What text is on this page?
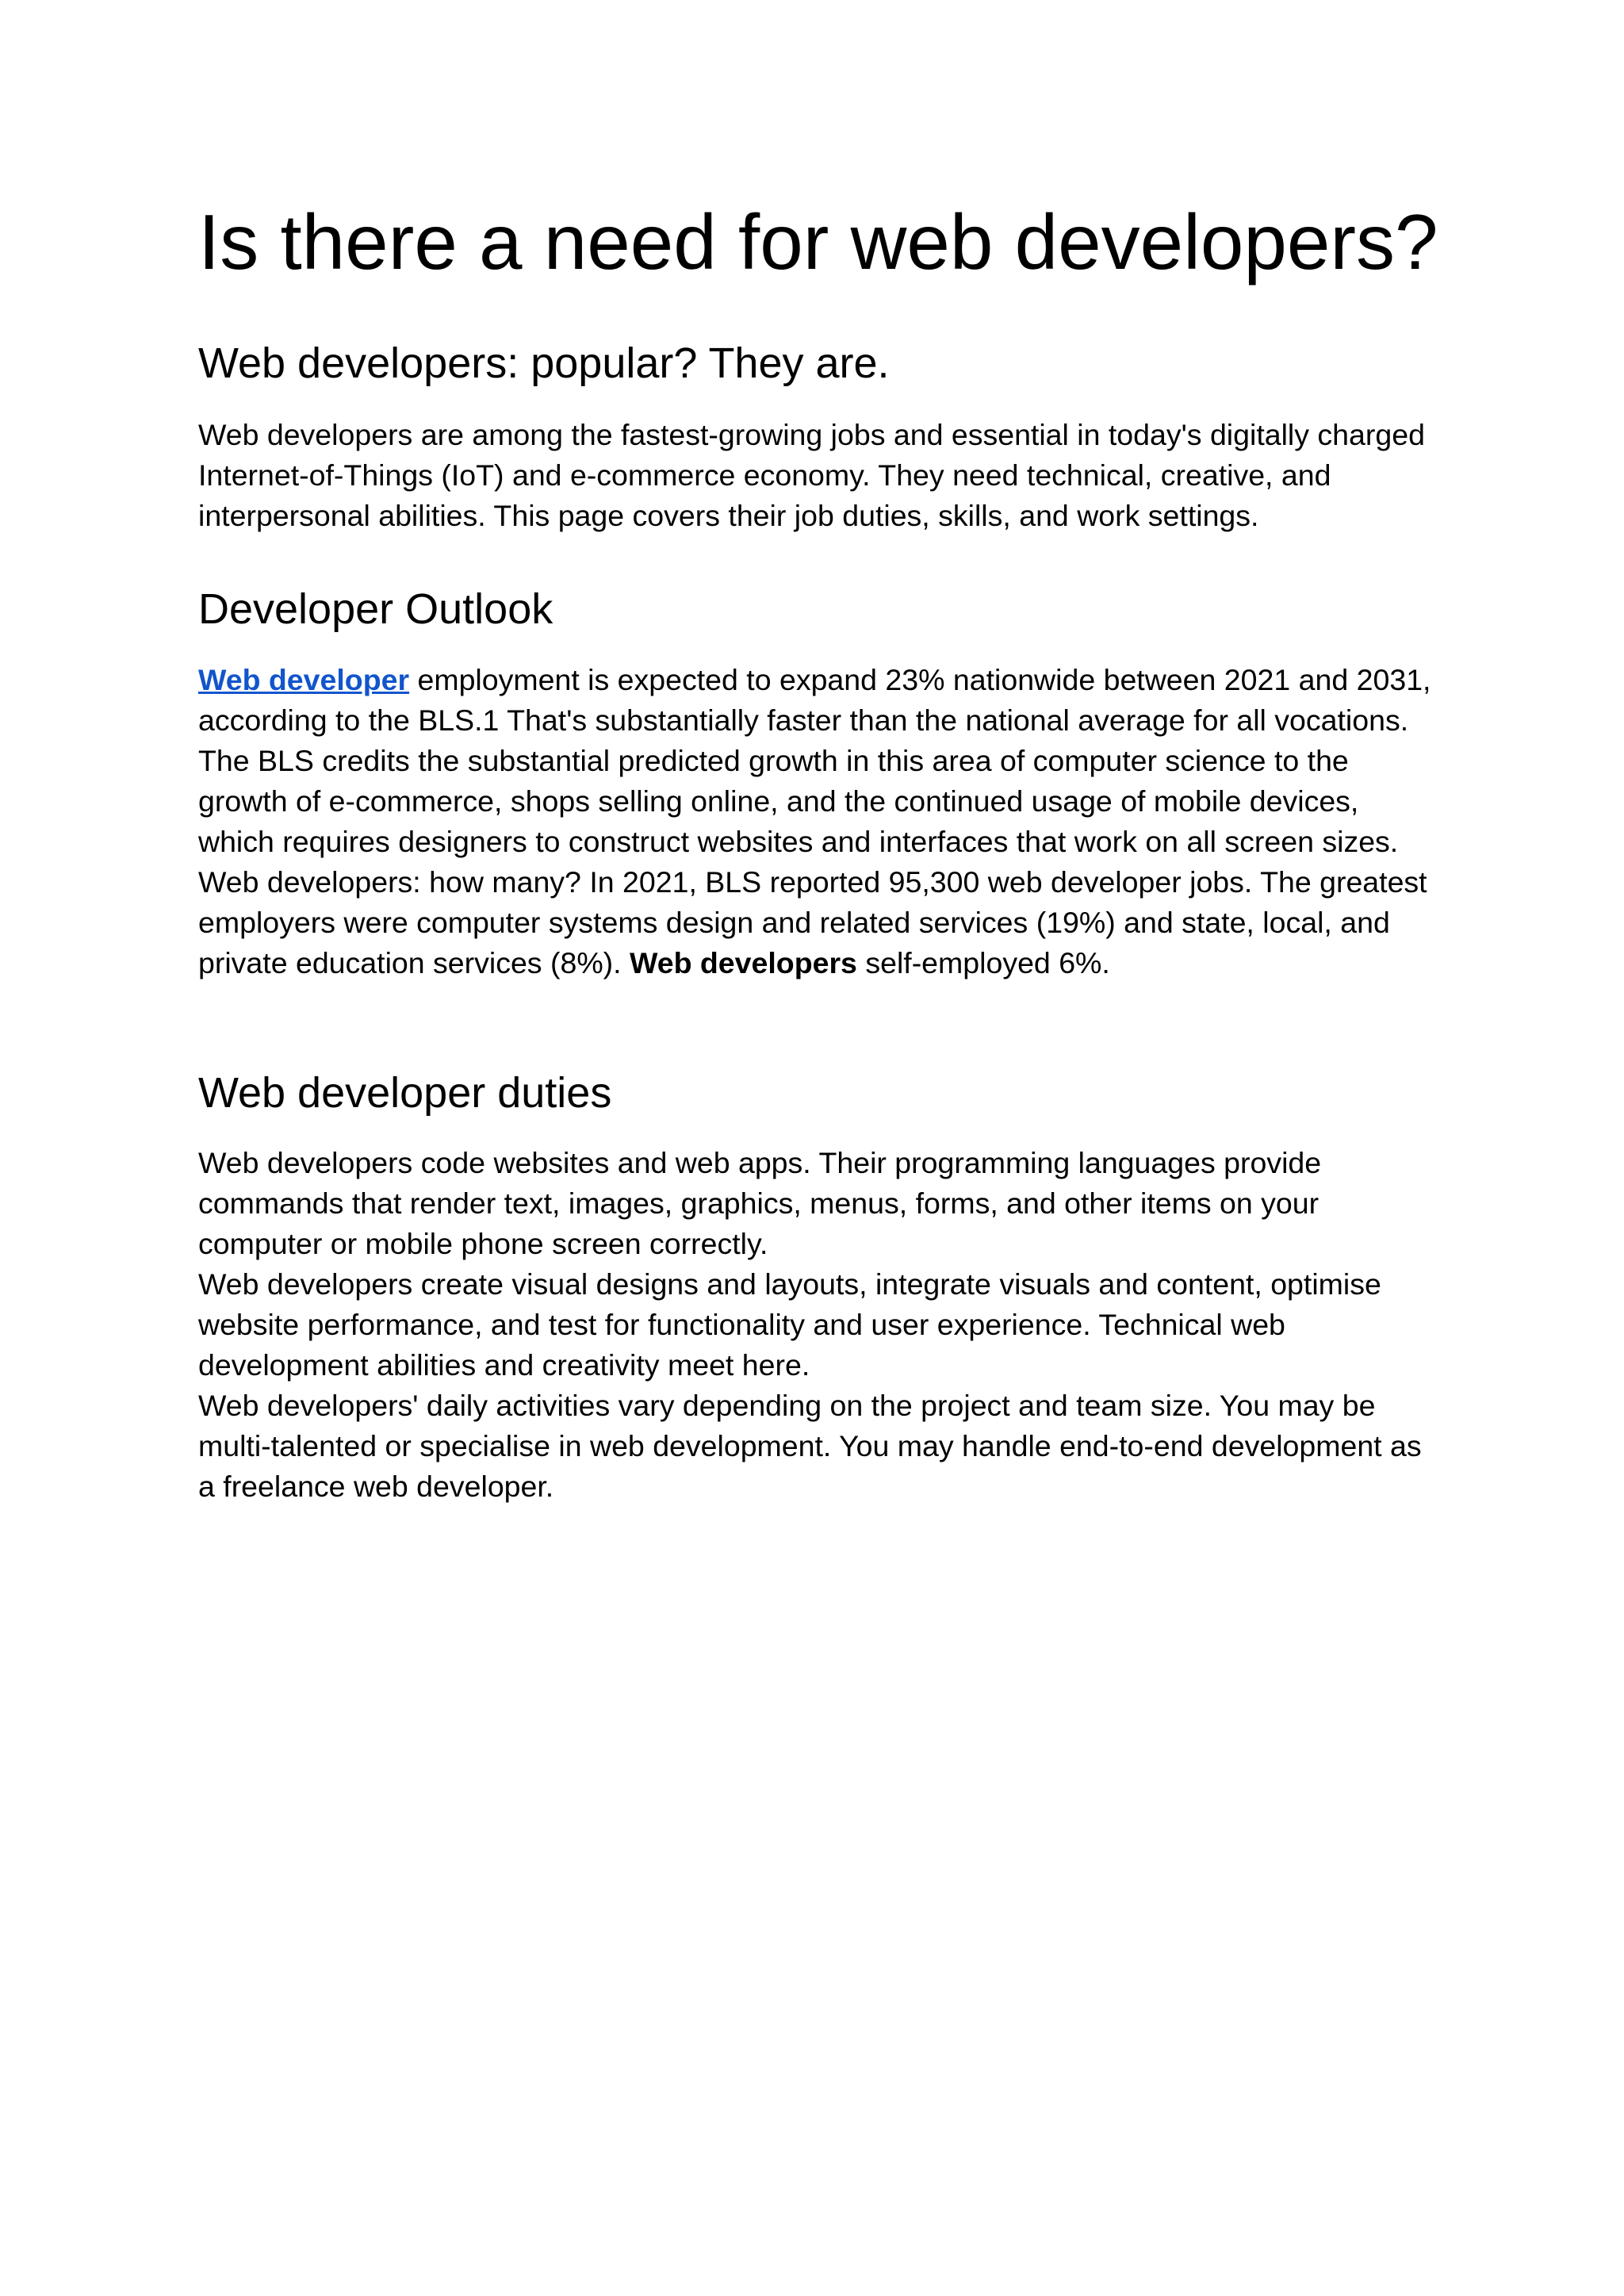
Is there a need for web developers?
Web developers: popular? They are.

Web developers are among the fastest-growing jobs and essential in today's digitally charged Internet-of-Things (IoT) and e-commerce economy. They need technical, creative, and interpersonal abilities. This page covers their job duties, skills, and work settings.

Developer Outlook

Web developer employment is expected to expand 23% nationwide between 2021 and 2031, according to the BLS.1 That's substantially faster than the national average for all vocations.

The BLS credits the substantial predicted growth in this area of computer science to the growth of e-commerce, shops selling online, and the continued usage of mobile devices, which requires designers to construct websites and interfaces that work on all screen sizes.

Web developers: how many? In 2021, BLS reported 95,300 web developer jobs. The greatest employers were computer systems design and related services (19%) and state, local, and private education services (8%). Web developers self-employed 6%.

Web developer duties

Web developers code websites and web apps. Their programming languages provide commands that render text, images, graphics, menus, forms, and other items on your computer or mobile phone screen correctly.

Web developers create visual designs and layouts, integrate visuals and content, optimise website performance, and test for functionality and user experience. Technical web development abilities and creativity meet here.

Web developers' daily activities vary depending on the project and team size. You may be multi-talented or specialise in web development. You may handle end-to-end development as a freelance web developer.
